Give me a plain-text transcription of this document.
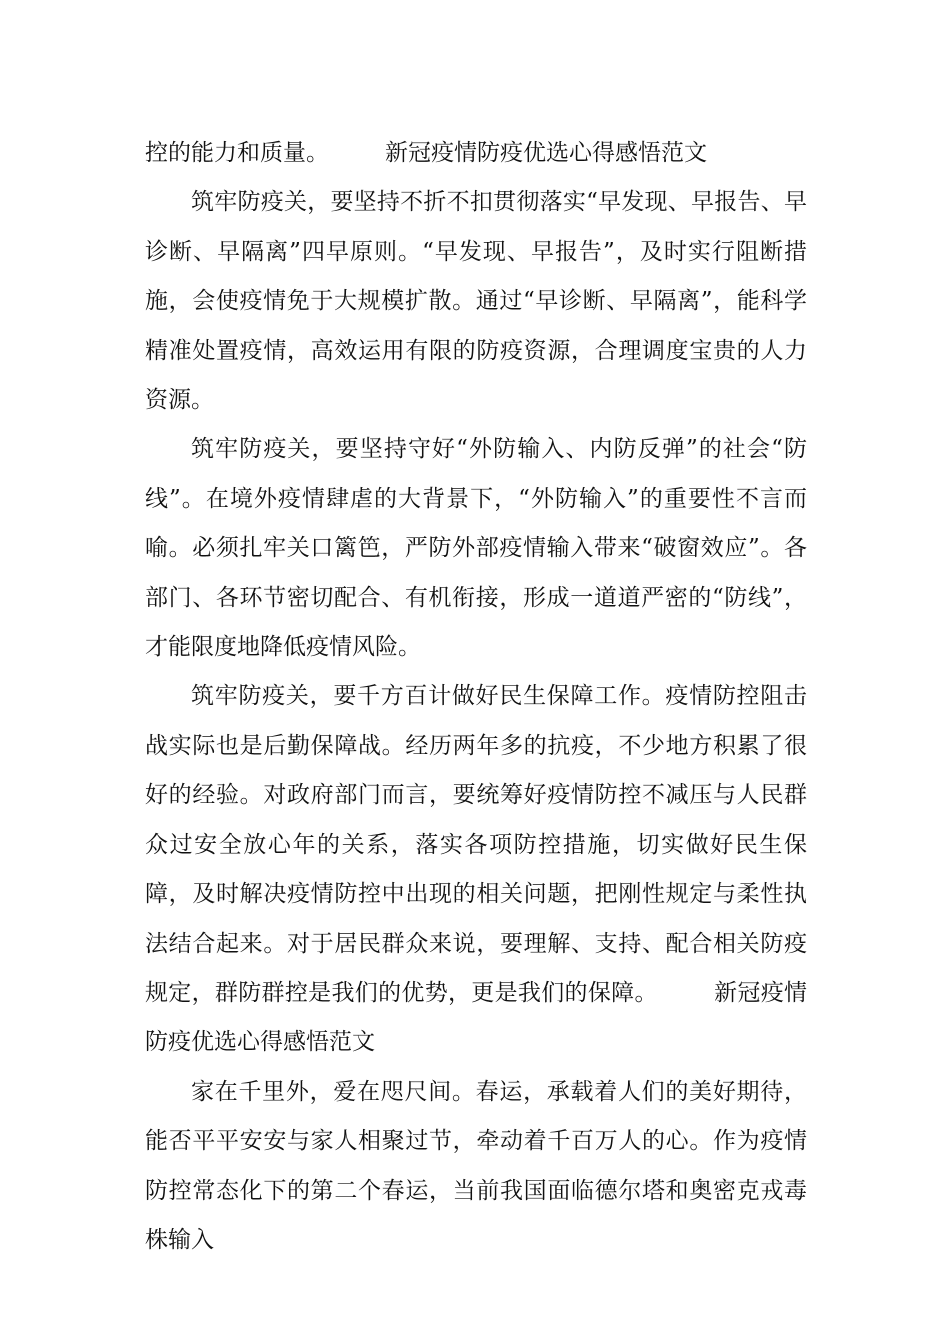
控的能力和质量。 新冠疫情防疫优选心得感悟范文

筑牢防疫关，要坚持不折不扣贯彻落实“早发现、早报告、早诊断、早隔离”四早原则。“早发现、早报告”，及时实行阻断措施，会使疫情免于大规模扩散。通过“早诊断、早隔离”，能科学精准处置疫情，高效运用有限的防疫资源，合理调度宝贵的人力资源。

筑牢防疫关，要坚持守好“外防输入、内防反弹”的社会“防线”。在境外疫情肆虐的大背景下，“外防输入”的重要性不言而喻。必须扎牢关口篱笆，严防外部疫情输入带来“破窗效应”。各部门、各环节密切配合、有机衔接，形成一道道严密的“防线”，才能限度地降低疫情风险。

筑牢防疫关，要千方百计做好民生保障工作。疫情防控阻击战实际也是后勤保障战。经历两年多的抗疫，不少地方积累了很好的经验。对政府部门而言，要统筹好疫情防控不减压与人民群众过安全放心年的关系，落实各项防控措施，切实做好民生保障，及时解决疫情防控中出现的相关问题，把刚性规定与柔性执法结合起来。对于居民群众来说，要理解、支持、配合相关防疫规定，群防群控是我们的优势，更是我们的保障。 新冠疫情防疫优选心得感悟范文

家在千里外，爱在咫尺间。春运，承载着人们的美好期待，能否平平安安与家人相聚过节，牵动着千百万人的心。作为疫情防控常态化下的第二个春运，当前我国面临德尔塔和奥密克戎毒株输入
